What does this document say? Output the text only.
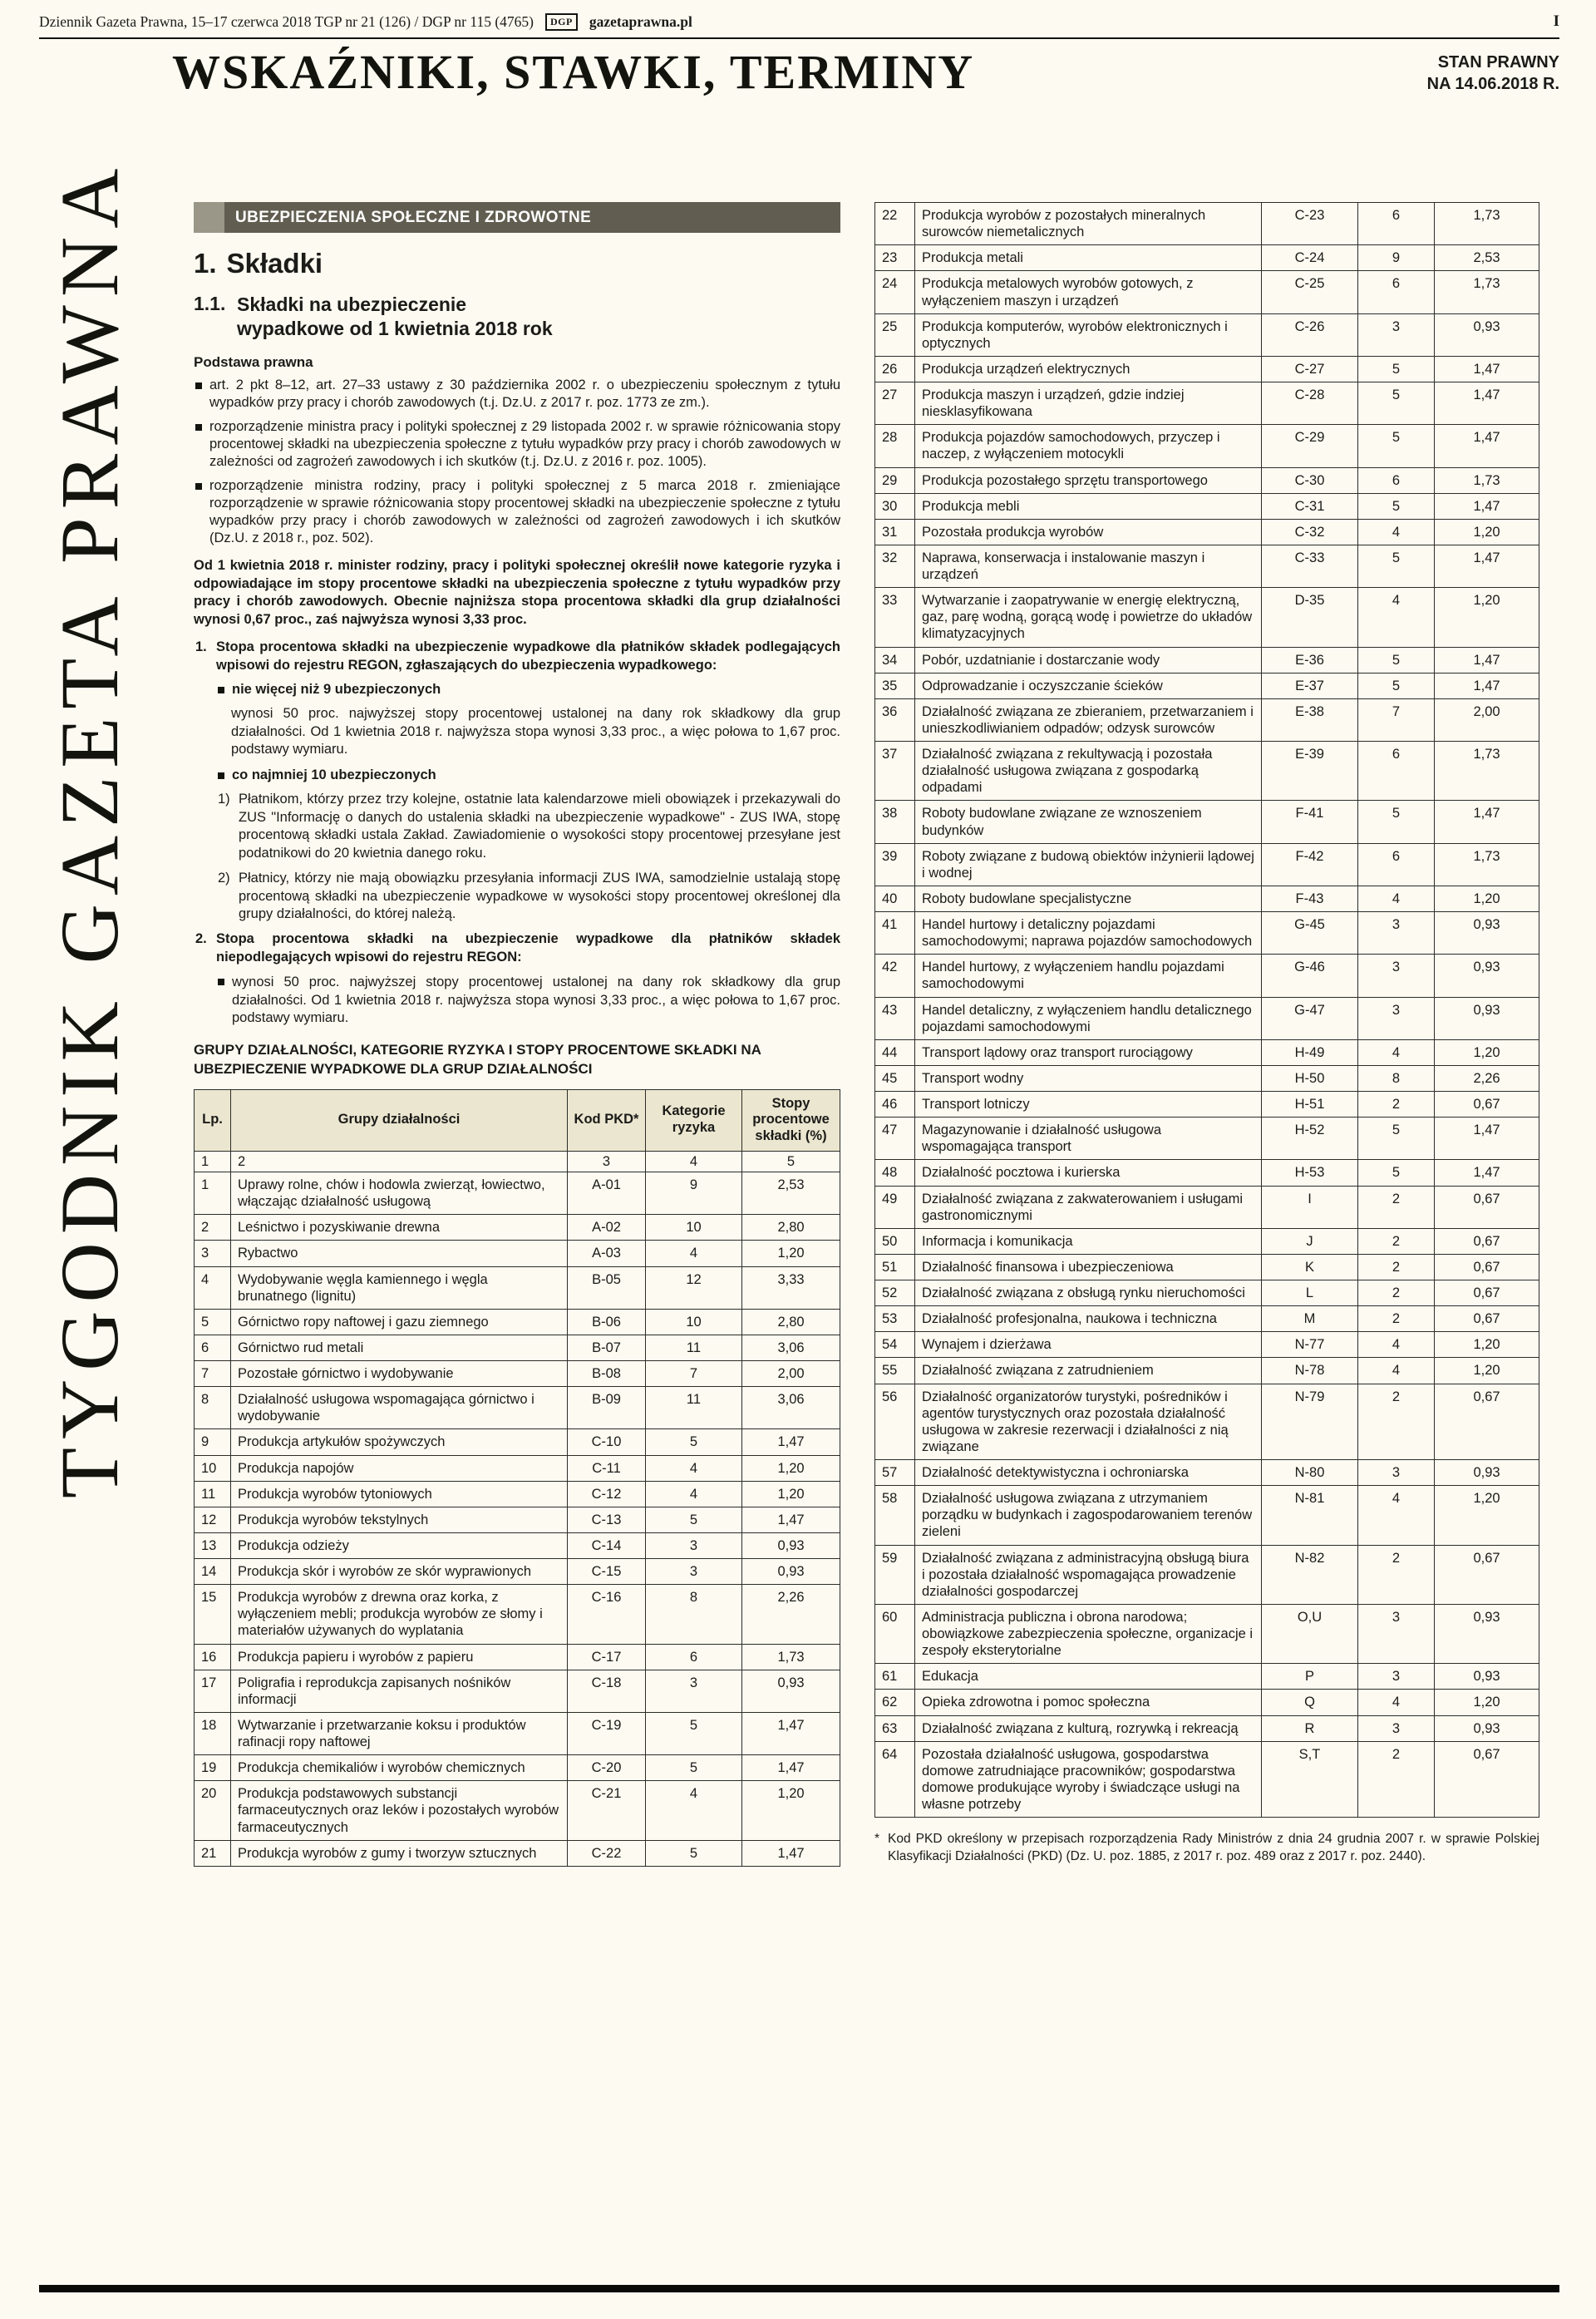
Dziennik Gazeta Prawna, 15–17 czerwca 2018 TGP nr 21 (126) / DGP nr 115 (4765)	DGP	gazetaprawna.pl	I
TYGODNIK GAZETA PRAWNA
WSKAŹNIKI, STAWKI, TERMINY	STAN PRAWNY
NA 14.06.2018 R.
UBEZPIECZENIA SPOŁECZNE I ZDROWOTNE
1. Składki
1.1. Składki na ubezpieczenie wypadkowe od 1 kwietnia 2018 rok
Podstawa prawna
art. 2 pkt 8–12, art. 27–33 ustawy z 30 października 2002 r. o ubezpieczeniu społecznym z tytułu wypadków przy pracy i chorób zawodowych (t.j. Dz.U. z 2017 r. poz. 1773 ze zm.).
rozporządzenie ministra pracy i polityki społecznej z 29 listopada 2002 r. w sprawie różnicowania stopy procentowej składki na ubezpieczenia społeczne z tytułu wypadków przy pracy i chorób zawodowych w zależności od zagrożeń zawodowych i ich skutków (t.j. Dz.U. z 2016 r. poz. 1005).
rozporządzenie ministra rodziny, pracy i polityki społecznej z 5 marca 2018 r. zmieniające rozporządzenie w sprawie różnicowania stopy procentowej składki na ubezpieczenie społeczne z tytułu wypadków przy pracy i chorób zawodowych w zależności od zagrożeń zawodowych i ich skutków (Dz.U. z 2018 r., poz. 502).

Od 1 kwietnia 2018 r. minister rodziny, pracy i polityki społecznej określił nowe kategorie ryzyka i odpowiadające im stopy procentowe składki na ubezpieczenia społeczne z tytułu wypadków przy pracy i chorób zawodowych. Obecnie najniższa stopa procentowa składki dla grup działalności wynosi 0,67 proc., zaś najwyższa wynosi 3,33 proc.

1. Stopa procentowa składki na ubezpieczenie wypadkowe dla płatników składek podlegających wpisowi do rejestru REGON, zgłaszających do ubezpieczenia wypadkowego:
nie więcej niż 9 ubezpieczonych

wynosi 50 proc. najwyższej stopy procentowej ustalonej na dany rok składkowy dla grup działalności. Od 1 kwietnia 2018 r. najwyższa stopa wynosi 3,33 proc., a więc połowa to 1,67 proc. podstawy wymiaru.

co najmniej 10 ubezpieczonych
1) Płatnikom, którzy przez trzy kolejne, ostatnie lata kalendarzowe mieli obowiązek i przekazywali do ZUS "Informację o danych do ustalenia składki na ubezpieczenie wypadkowe" - ZUS IWA, stopę procentową składki ustala Zakład. Zawiadomienie o wysokości stopy procentowej przesyłane jest podatnikowi do 20 kwietnia danego roku.
2) Płatnicy, którzy nie mają obowiązku przesyłania informacji ZUS IWA, samodzielnie ustalają stopę procentową składki na ubezpieczenie wypadkowe w wysokości stopy procentowej określonej dla grupy działalności, do której należą.
2. Stopa procentowa składki na ubezpieczenie wypadkowe dla płatników składek niepodlegających wpisowi do rejestru REGON:
wynosi 50 proc. najwyższej stopy procentowej ustalonej na dany rok składkowy dla grup działalności. Od 1 kwietnia 2018 r. najwyższa stopa wynosi 3,33 proc., a więc połowa to 1,67 proc. podstawy wymiaru.
GRUPY DZIAŁALNOŚCI, KATEGORIE RYZYKA I STOPY PROCENTOWE SKŁADKI NA UBEZPIECZENIE WYPADKOWE DLA GRUP DZIAŁALNOŚCI
Lp.	Grupy działalności	Kod PKD*	Kategorie ryzyka	Stopy procentowe składki (%)
1	2	3	4	5
1	Uprawy rolne, chów i hodowla zwierząt, łowiectwo, włączając działalność usługową	A-01	9	2,53
2	Leśnictwo i pozyskiwanie drewna	A-02	10	2,80
3	Rybactwo	A-03	4	1,20
4	Wydobywanie węgla kamiennego i węgla brunatnego (lignitu)	B-05	12	3,33
5	Górnictwo ropy naftowej i gazu ziemnego	B-06	10	2,80
6	Górnictwo rud metali	B-07	11	3,06
7	Pozostałe górnictwo i wydobywanie	B-08	7	2,00
8	Działalność usługowa wspomagająca górnictwo i wydobywanie	B-09	11	3,06
9	Produkcja artykułów spożywczych	C-10	5	1,47
10	Produkcja napojów	C-11	4	1,20
11	Produkcja wyrobów tytoniowych	C-12	4	1,20
12	Produkcja wyrobów tekstylnych	C-13	5	1,47
13	Produkcja odzieży	C-14	3	0,93
14	Produkcja skór i wyrobów ze skór wyprawionych	C-15	3	0,93
15	Produkcja wyrobów z drewna oraz korka, z wyłączeniem mebli; produkcja wyrobów ze słomy i materiałów używanych do wyplatania	C-16	8	2,26
16	Produkcja papieru i wyrobów z papieru	C-17	6	1,73
17	Poligrafia i reprodukcja zapisanych nośników informacji	C-18	3	0,93
18	Wytwarzanie i przetwarzanie koksu i produktów rafinacji ropy naftowej	C-19	5	1,47
19	Produkcja chemikaliów i wyrobów chemicznych	C-20	5	1,47
20	Produkcja podstawowych substancji farmaceutycznych oraz leków i pozostałych wyrobów farmaceutycznych	C-21	4	1,20
21	Produkcja wyrobów z gumy i tworzyw sztucznych	C-22	5	1,47
22	Produkcja wyrobów z pozostałych mineralnych surowców niemetalicznych	C-23	6	1,73
23	Produkcja metali	C-24	9	2,53
24	Produkcja metalowych wyrobów gotowych, z wyłączeniem maszyn i urządzeń	C-25	6	1,73
25	Produkcja komputerów, wyrobów elektronicznych i optycznych	C-26	3	0,93
26	Produkcja urządzeń elektrycznych	C-27	5	1,47
27	Produkcja maszyn i urządzeń, gdzie indziej niesklasyfikowana	C-28	5	1,47
28	Produkcja pojazdów samochodowych, przyczep i naczep, z wyłączeniem motocykli	C-29	5	1,47
29	Produkcja pozostałego sprzętu transportowego	C-30	6	1,73
30	Produkcja mebli	C-31	5	1,47
31	Pozostała produkcja wyrobów	C-32	4	1,20
32	Naprawa, konserwacja i instalowanie maszyn i urządzeń	C-33	5	1,47
33	Wytwarzanie i zaopatrywanie w energię elektryczną, gaz, parę wodną, gorącą wodę i powietrze do układów klimatyzacyjnych	D-35	4	1,20
34	Pobór, uzdatnianie i dostarczanie wody	E-36	5	1,47
35	Odprowadzanie i oczyszczanie ścieków	E-37	5	1,47
36	Działalność związana ze zbieraniem, przetwarzaniem i unieszkodliwianiem odpadów; odzysk surowców	E-38	7	2,00
37	Działalność związana z rekultywacją i pozostała działalność usługowa związana z gospodarką odpadami	E-39	6	1,73
38	Roboty budowlane związane ze wznoszeniem budynków	F-41	5	1,47
39	Roboty związane z budową obiektów inżynierii lądowej i wodnej	F-42	6	1,73
40	Roboty budowlane specjalistyczne	F-43	4	1,20
41	Handel hurtowy i detaliczny pojazdami samochodowymi; naprawa pojazdów samochodowych	G-45	3	0,93
42	Handel hurtowy, z wyłączeniem handlu pojazdami samochodowymi	G-46	3	0,93
43	Handel detaliczny, z wyłączeniem handlu detalicznego pojazdami samochodowymi	G-47	3	0,93
44	Transport lądowy oraz transport rurociągowy	H-49	4	1,20
45	Transport wodny	H-50	8	2,26
46	Transport lotniczy	H-51	2	0,67
47	Magazynowanie i działalność usługowa wspomagająca transport	H-52	5	1,47
48	Działalność pocztowa i kurierska	H-53	5	1,47
49	Działalność związana z zakwaterowaniem i usługami gastronomicznymi	I	2	0,67
50	Informacja i komunikacja	J	2	0,67
51	Działalność finansowa i ubezpieczeniowa	K	2	0,67
52	Działalność związana z obsługą rynku nieruchomości	L	2	0,67
53	Działalność profesjonalna, naukowa i techniczna	M	2	0,67
54	Wynajem i dzierżawa	N-77	4	1,20
55	Działalność związana z zatrudnieniem	N-78	4	1,20
56	Działalność organizatorów turystyki, pośredników i agentów turystycznych oraz pozostała działalność usługowa w zakresie rezerwacji i działalności z nią związane	N-79	2	0,67
57	Działalność detektywistyczna i ochroniarska	N-80	3	0,93
58	Działalność usługowa związana z utrzymaniem porządku w budynkach i zagospodarowaniem terenów zieleni	N-81	4	1,20
59	Działalność związana z administracyjną obsługą biura i pozostała działalność wspomagająca prowadzenie działalności gospodarczej	N-82	2	0,67
60	Administracja publiczna i obrona narodowa; obowiązkowe zabezpieczenia społeczne, organizacje i zespoły eksterytorialne	O,U	3	0,93
61	Edukacja	P	3	0,93
62	Opieka zdrowotna i pomoc społeczna	Q	4	1,20
63	Działalność związana z kulturą, rozrywką i rekreacją	R	3	0,93
64	Pozostała działalność usługowa, gospodarstwa domowe zatrudniające pracowników; gospodarstwa domowe produkujące wyroby i świadczące usługi na własne potrzeby	S,T	2	0,67
* Kod PKD określony w przepisach rozporządzenia Rady Ministrów z dnia 24 grudnia 2007 r. w sprawie Polskiej Klasyfikacji Działalności (PKD) (Dz. U. poz. 1885, z 2017 r. poz. 489 oraz z 2017 r. poz. 2440).
